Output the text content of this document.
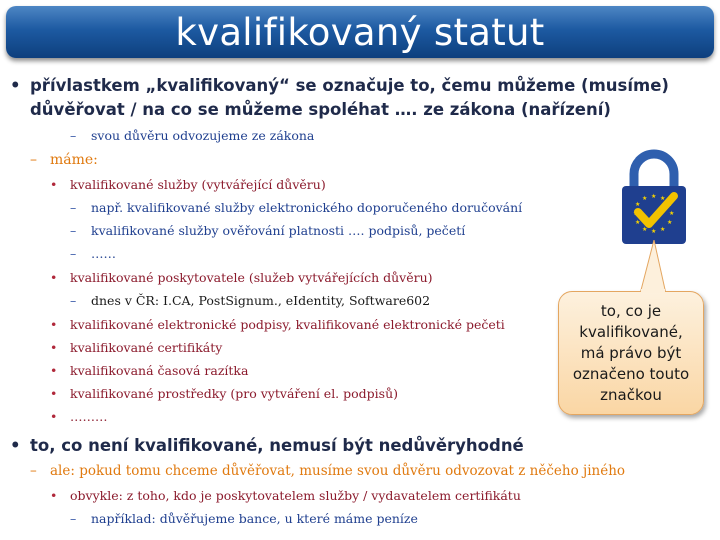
kvalifikovaný statut
• přívlastkem „kvalifikovaný“ se označuje to, čemu můžeme (musíme)
důvěřovat / na co se můžeme spoléhat …. ze zákona (nařízení)
– svou důvěru odvozujeme ze zákona
– máme:
• kvalifikované služby (vytvářející důvěru)
– např. kvalifikované služby elektronického doporučeného doručování
– kvalifikované služby ověřování platnosti …. podpisů, pečetí
– ……
• kvalifikované poskytovatele (služeb vytvářejících důvěru)
– dnes v ČR: I.CA, PostSignum., eIdentity, Software602
• kvalifikované elektronické podpisy, kvalifikované elektronické pečeti
• kvalifikované certifikáty
• kvalifikovaná časová razítka
• kvalifikované prostředky (pro vytváření el. podpisů)
• ………
• to, co není kvalifikované, nemusí být nedůvěryhodné
– ale: pokud tomu chceme důvěřovat, musíme svou důvěru odvozovat z něčeho jiného
• obvykle: z toho, kdo je poskytovatelem služby / vydavatelem certifikátu
– například: důvěřujeme bance, u které máme peníze
★ ★
★
★
★
★
★
★
★
★
★
★
to, co je
kvalifikované,
má právo být
označeno touto
značkou
